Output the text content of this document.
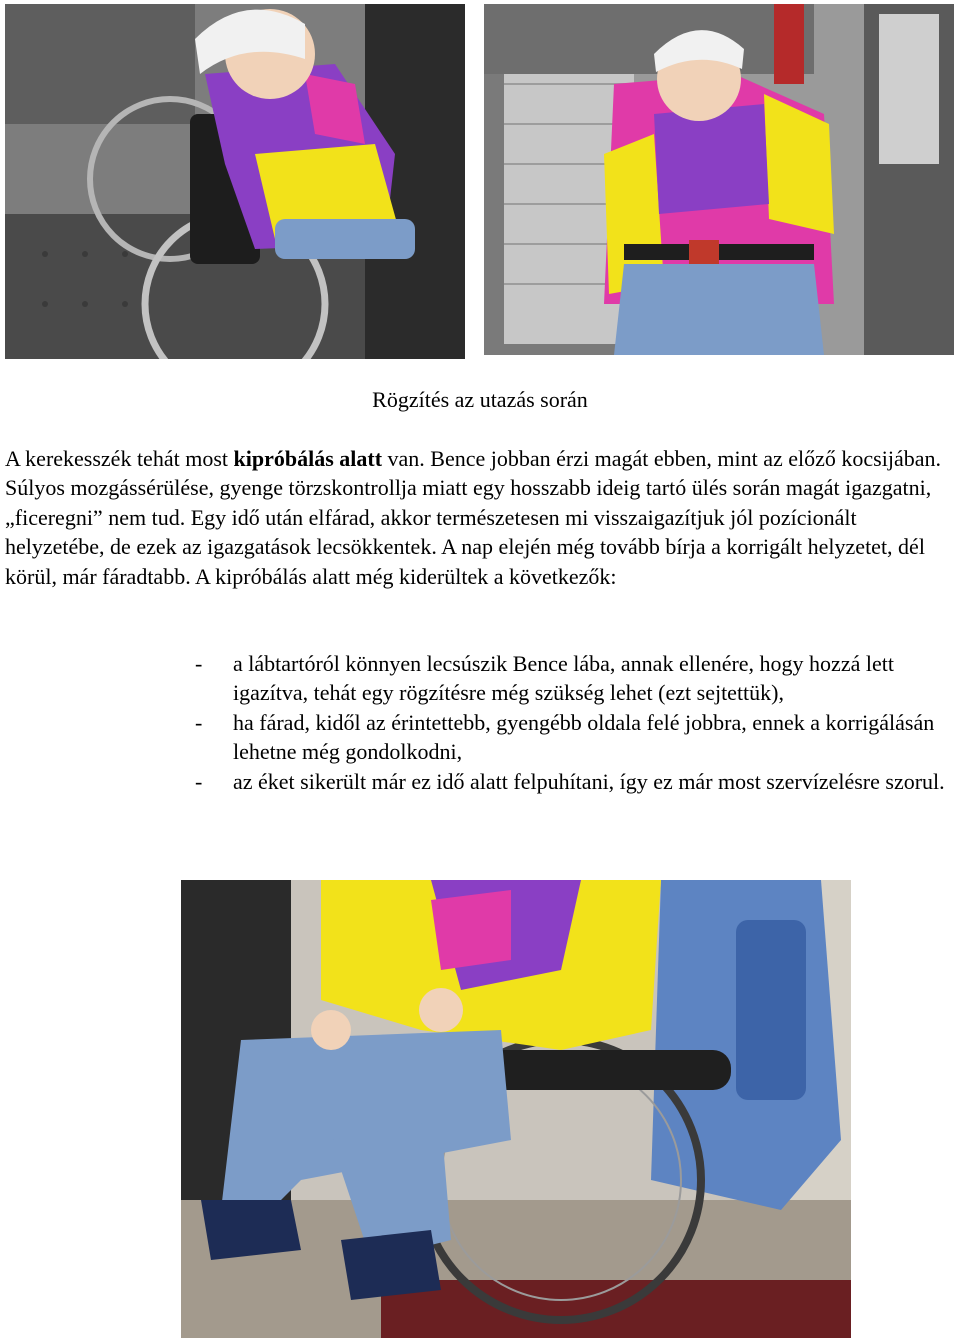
Rögzítés az utazás során

A kerekesszék tehát most kipróbálás alatt van. Bence jobban érzi magát ebben, mint az előző kocsijában. Súlyos mozgássérülése, gyenge törzskontrollja miatt egy hosszabb ideig tartó ülés során magát igazgatni, „ficeregni” nem tud. Egy idő után elfárad, akkor természetesen mi visszaigazítjuk jól pozícionált helyzetébe, de ezek az igazgatások lecsökkentek. A nap elején még tovább bírja a korrigált helyzetet, dél körül, már fáradtabb. A kipróbálás alatt még kiderültek a következők:

- a lábtartóról könnyen lecsúszik Bence lába, annak ellenére, hogy hozzá lett igazítva, tehát egy rögzítésre még szükség lehet (ezt sejtettük),
- ha fárad, kidől az érintettebb, gyengébb oldala felé jobbra, ennek a korrigálásán lehetne még gondolkodni,
- az éket sikerült már ez idő alatt felpuhítani, így ez már most szervízelésre szorul.
